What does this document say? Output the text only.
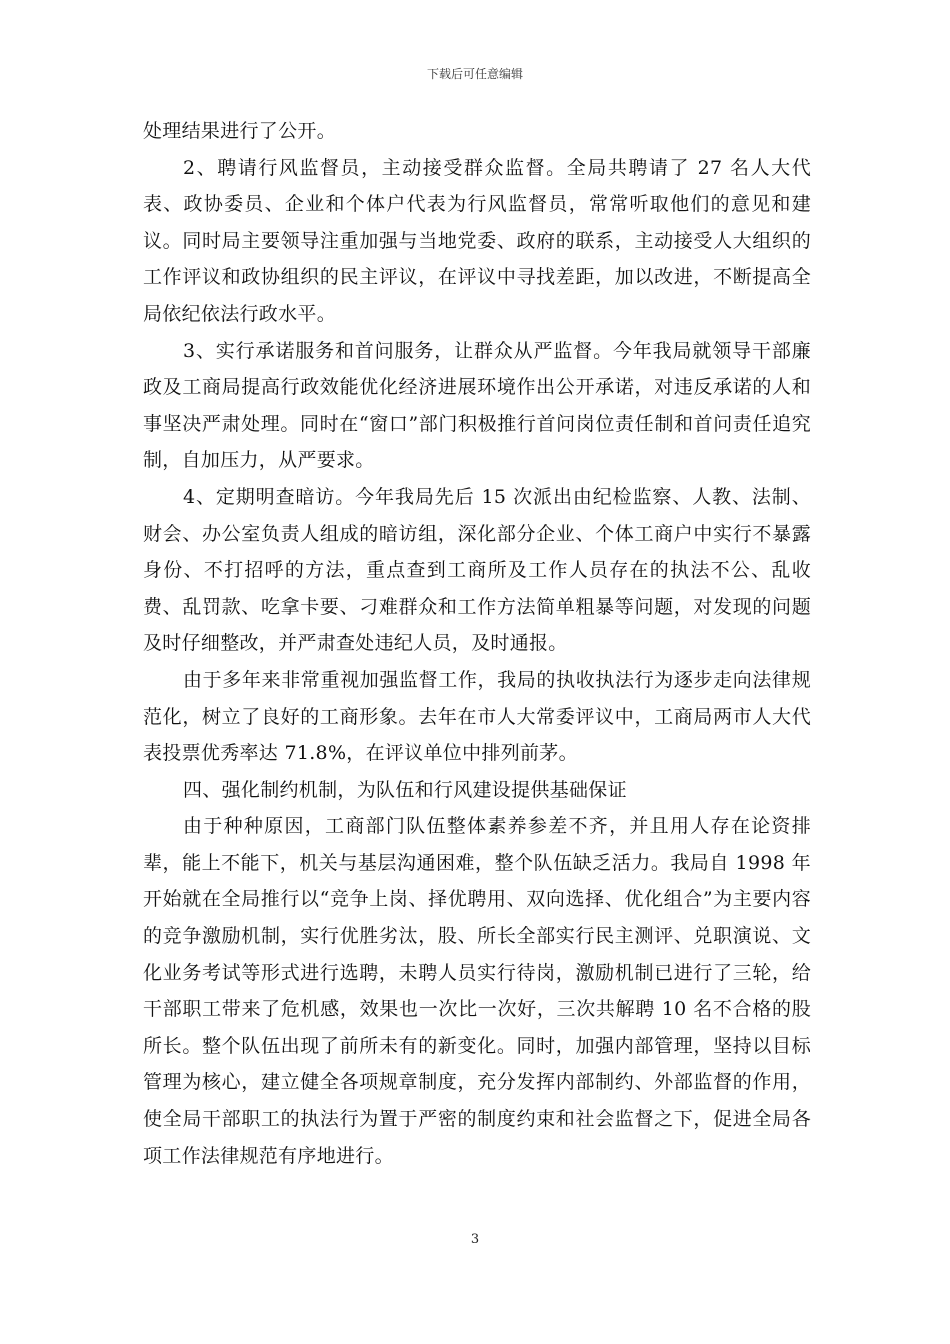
下载后可任意编辑

处理结果进行了公开。

2、聘请行风监督员，主动接受群众监督。全局共聘请了 27 名人大代表、政协委员、企业和个体户代表为行风监督员，常常听取他们的意见和建议。同时局主要领导注重加强与当地党委、政府的联系，主动接受人大组织的工作评议和政协组织的民主评议，在评议中寻找差距，加以改进，不断提高全局依纪依法行政水平。

3、实行承诺服务和首问服务，让群众从严监督。今年我局就领导干部廉政及工商局提高行政效能优化经济进展环境作出公开承诺，对违反承诺的人和事坚决严肃处理。同时在“窗口”部门积极推行首问岗位责任制和首问责任追究制，自加压力，从严要求。

4、定期明查暗访。今年我局先后 15 次派出由纪检监察、人教、法制、财会、办公室负责人组成的暗访组，深化部分企业、个体工商户中实行不暴露身份、不打招呼的方法，重点查到工商所及工作人员存在的执法不公、乱收费、乱罚款、吃拿卡要、刁难群众和工作方法简单粗暴等问题，对发现的问题及时仔细整改，并严肃查处违纪人员，及时通报。

由于多年来非常重视加强监督工作，我局的执收执法行为逐步走向法律规范化，树立了良好的工商形象。去年在市人大常委评议中，工商局两市人大代表投票优秀率达 71.8%，在评议单位中排列前茅。

四、强化制约机制，为队伍和行风建设提供基础保证

由于种种原因，工商部门队伍整体素养参差不齐，并且用人存在论资排辈，能上不能下，机关与基层沟通困难，整个队伍缺乏活力。我局自 1998 年开始就在全局推行以“竞争上岗、择优聘用、双向选择、优化组合”为主要内容的竞争激励机制，实行优胜劣汰，股、所长全部实行民主测评、兑职演说、文化业务考试等形式进行选聘，未聘人员实行待岗，激励机制已进行了三轮，给干部职工带来了危机感，效果也一次比一次好，三次共解聘 10 名不合格的股所长。整个队伍出现了前所未有的新变化。同时，加强内部管理，坚持以目标管理为核心，建立健全各项规章制度，充分发挥内部制约、外部监督的作用，使全局干部职工的执法行为置于严密的制度约束和社会监督之下，促进全局各项工作法律规范有序地进行。

3
